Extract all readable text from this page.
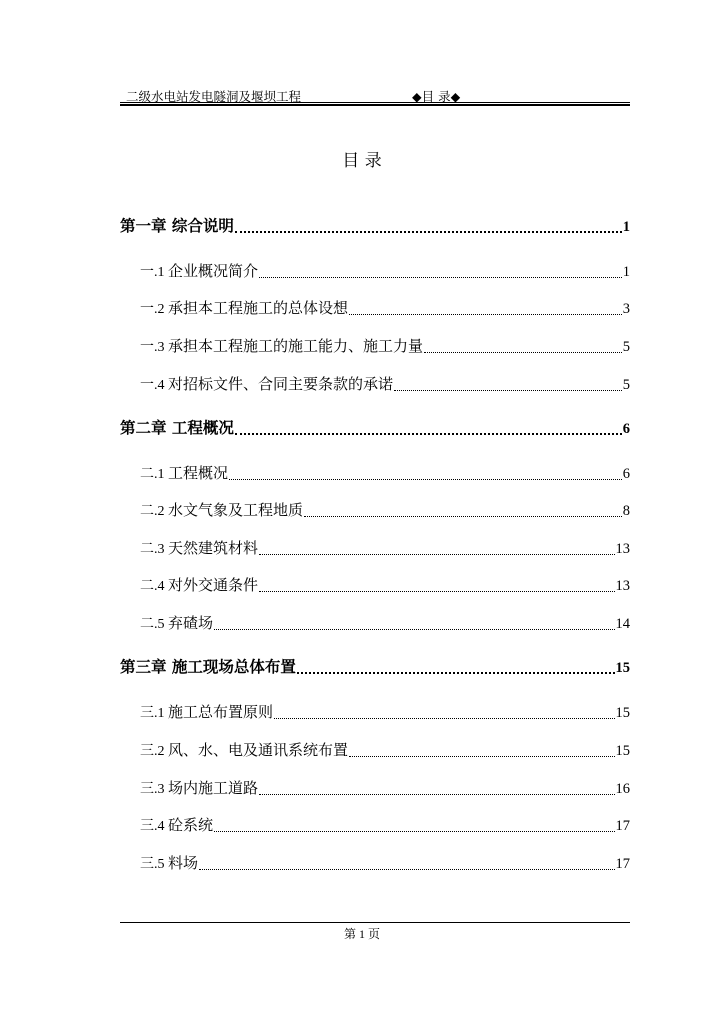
二级水电站发电隧洞及堰坝工程	◆目 录◆
目 录
第一章 综合说明	1
一.1 企业概况简介	1
一.2 承担本工程施工的总体设想	3
一.3 承担本工程施工的施工能力、施工力量	5
一.4 对招标文件、合同主要条款的承诺	5
第二章 工程概况	6
二.1 工程概况	6
二.2 水文气象及工程地质	8
二.3 天然建筑材料	13
二.4 对外交通条件	13
二.5 弃碴场	14
第三章 施工现场总体布置	15
三.1 施工总布置原则	15
三.2 风、水、电及通讯系统布置	15
三.3 场内施工道路	16
三.4 砼系统	17
三.5 料场	17
第 1 页
